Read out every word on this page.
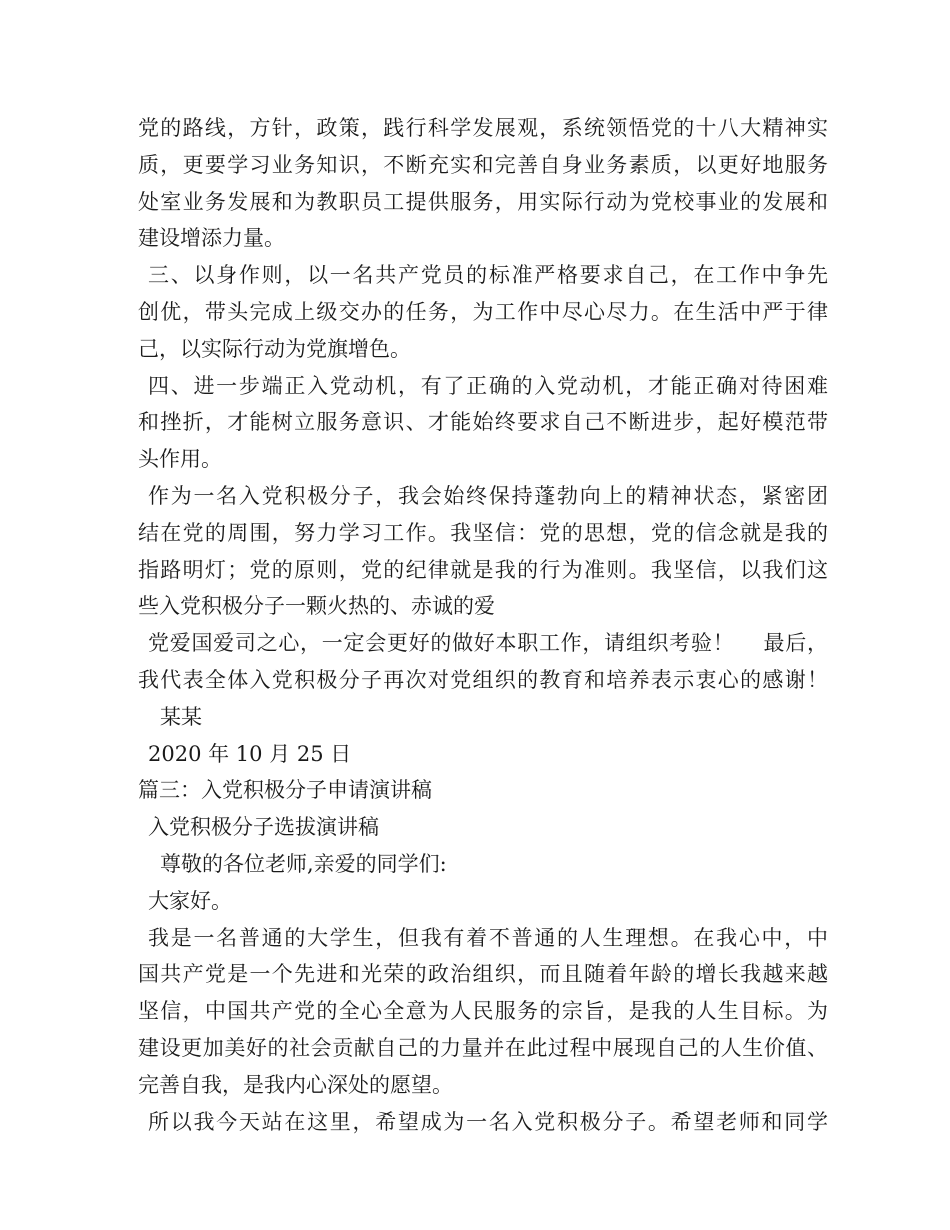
党的路线，方针，政策，践行科学发展观，系统领悟党的十八大精神实
质，更要学习业务知识，不断充实和完善自身业务素质，以更好地服务
处室业务发展和为教职员工提供服务，用实际行动为党校事业的发展和
建设增添力量。
三、以身作则，以一名共产党员的标准严格要求自己，在工作中争先
创优，带头完成上级交办的任务，为工作中尽心尽力。在生活中严于律
己，以实际行动为党旗增色。
四、进一步端正入党动机，有了正确的入党动机，才能正确对待困难
和挫折，才能树立服务意识、才能始终要求自己不断进步，起好模范带
头作用。
作为一名入党积极分子，我会始终保持蓬勃向上的精神状态，紧密团
结在党的周围，努力学习工作。我坚信：党的思想，党的信念就是我的
指路明灯；党的原则，党的纪律就是我的行为准则。我坚信，以我们这
些入党积极分子一颗火热的、赤诚的爱
党爱国爱司之心，一定会更好的做好本职工作，请组织考验！　 最后，
我代表全体入党积极分子再次对党组织的教育和培养表示衷心的感谢！
某某
2020 年 10 月 25 日
篇三：入党积极分子申请演讲稿
入党积极分子选拔演讲稿
尊敬的各位老师,亲爱的同学们:
大家好。
我是一名普通的大学生，但我有着不普通的人生理想。在我心中，中
国共产党是一个先进和光荣的政治组织，而且随着年龄的增长我越来越
坚信，中国共产党的全心全意为人民服务的宗旨，是我的人生目标。为
建设更加美好的社会贡献自己的力量并在此过程中展现自己的人生价值、
完善自我，是我内心深处的愿望。
所以我今天站在这里，希望成为一名入党积极分子。希望老师和同学
